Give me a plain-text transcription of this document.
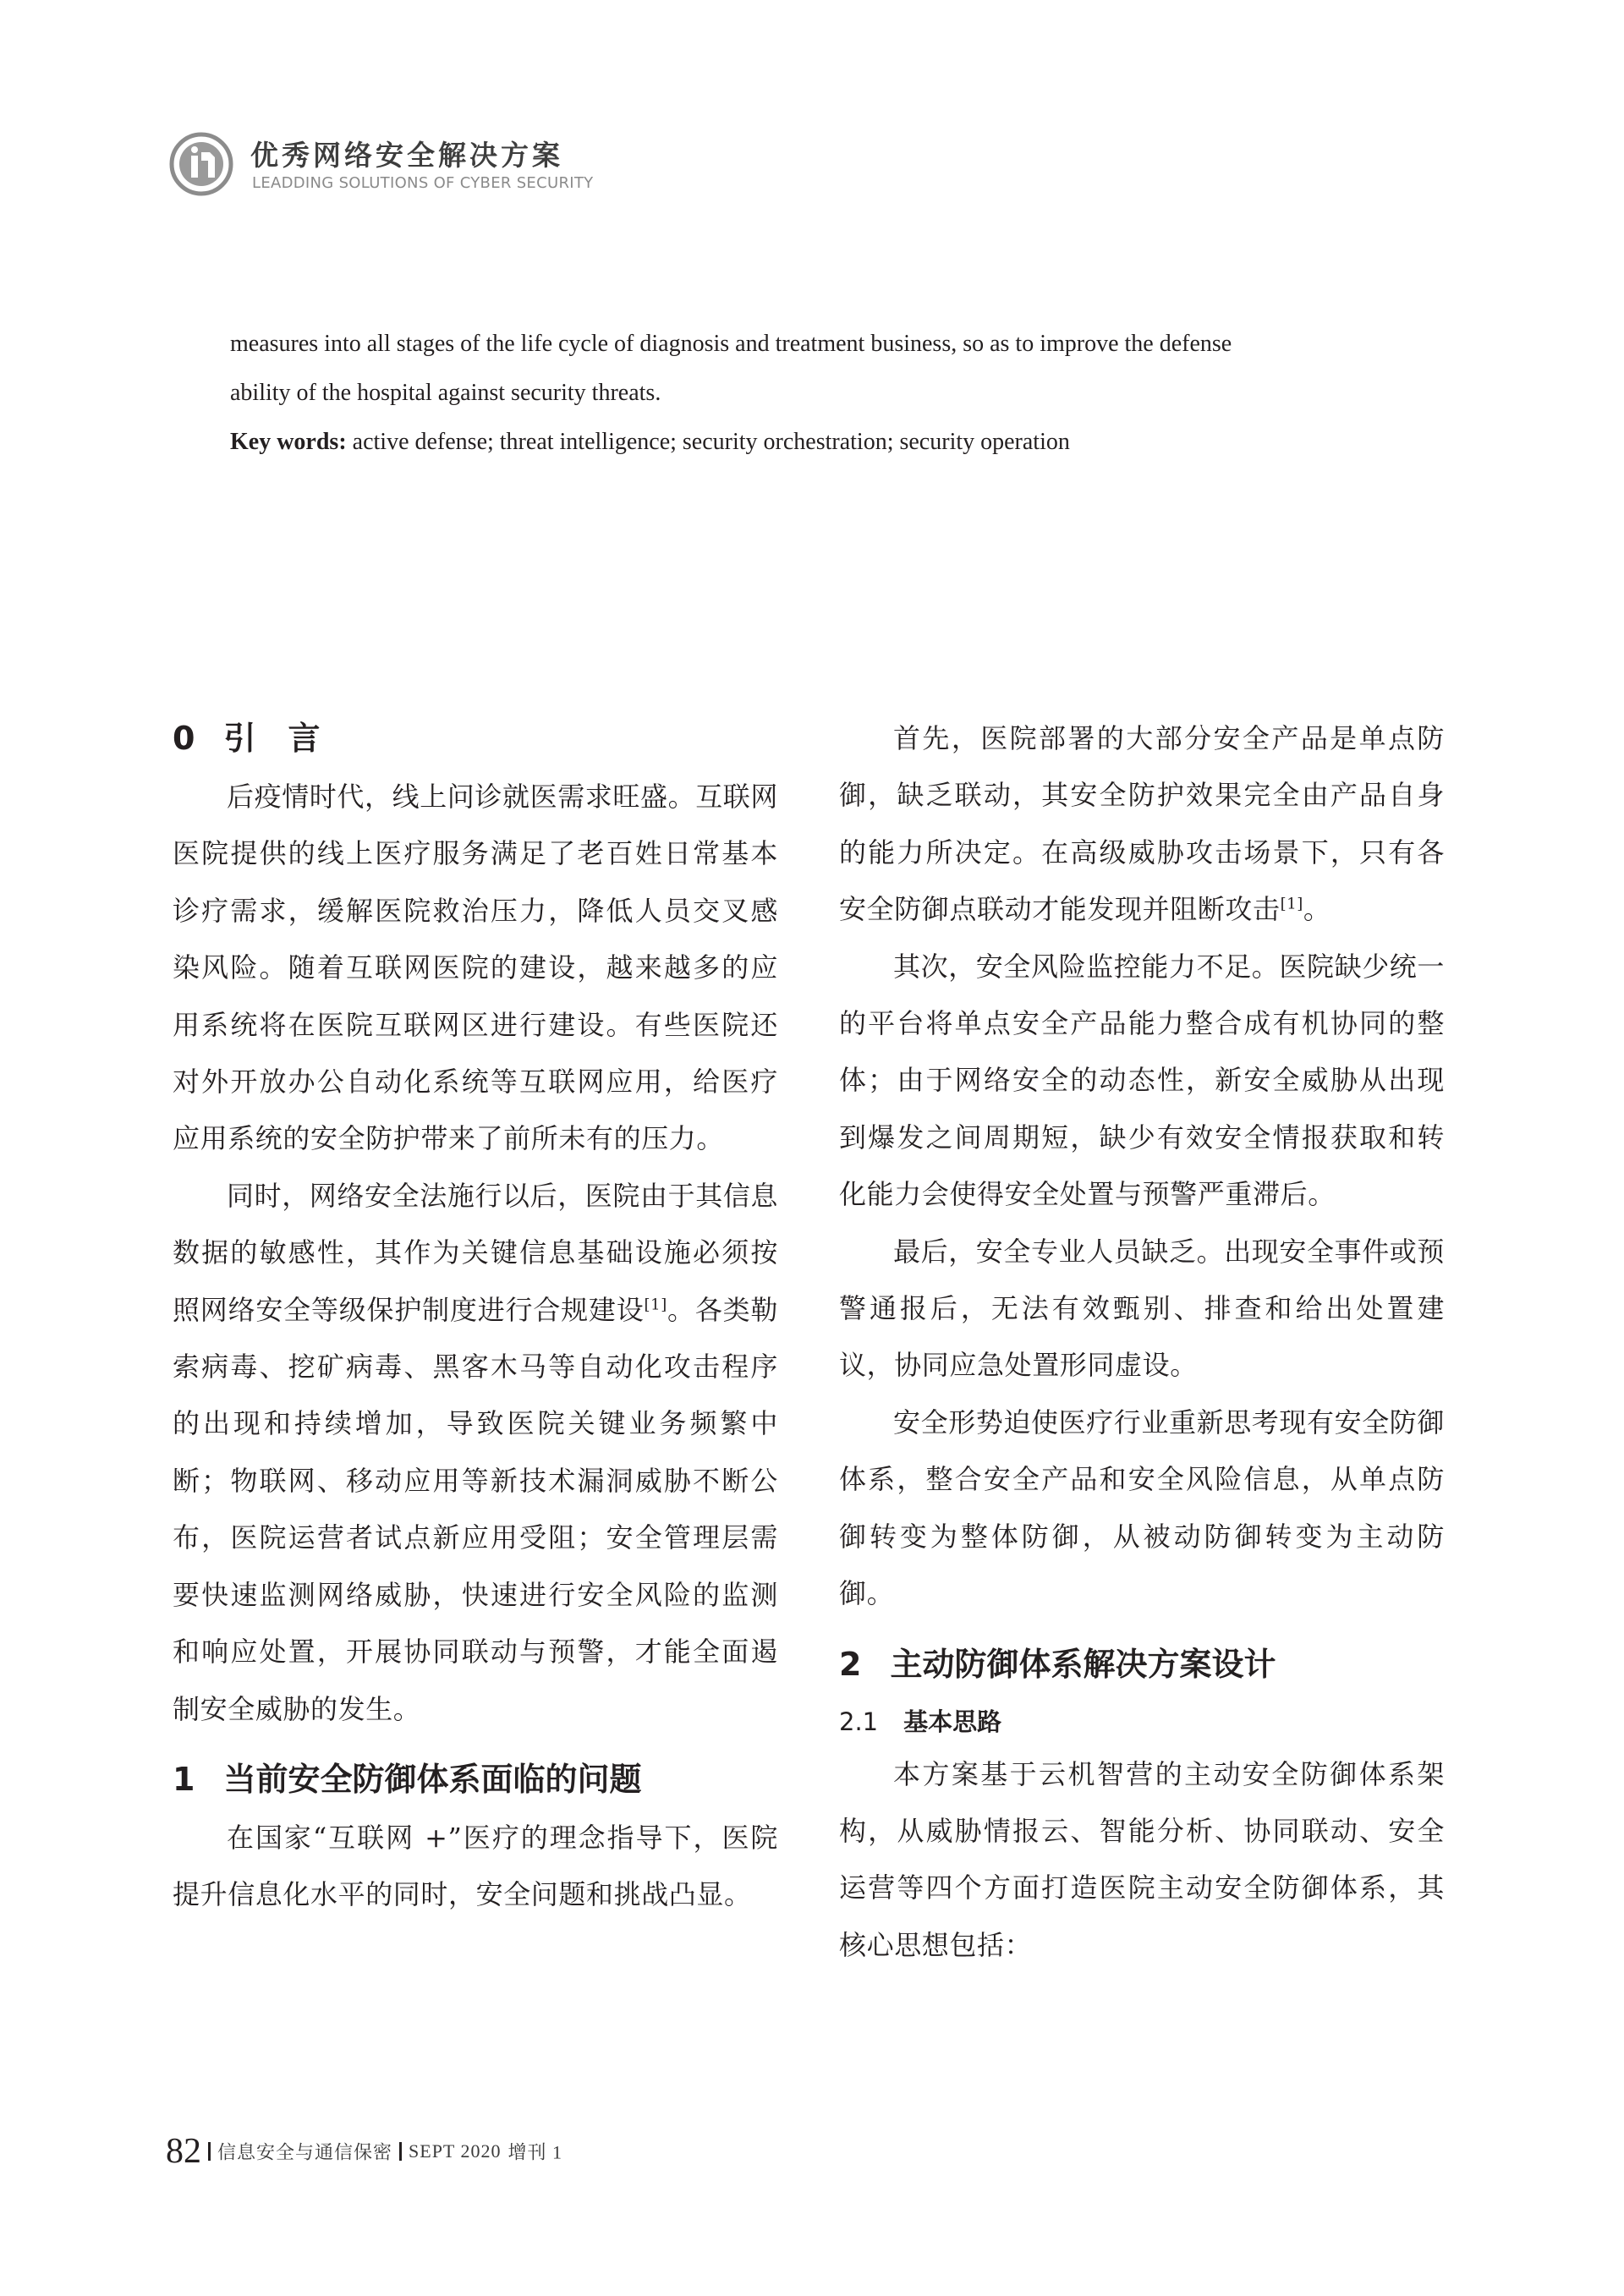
优秀网络安全解决方案
LEADDING SOLUTIONS OF CYBER SECURITY

measures into all stages of the life cycle of diagnosis and treatment business, so as to improve the defense

ability of the hospital against security threats.

Key words: active defense; threat intelligence; security orchestration; security operation

0 引　言

后疫情时代，线上问诊就医需求旺盛。互联网医院提供的线上医疗服务满足了老百姓日常基本诊疗需求，缓解医院救治压力，降低人员交叉感染风险。随着互联网医院的建设，越来越多的应用系统将在医院互联网区进行建设。有些医院还对外开放办公自动化系统等互联网应用，给医疗应用系统的安全防护带来了前所未有的压力。

同时，网络安全法施行以后，医院由于其信息数据的敏感性，其作为关键信息基础设施必须按照网络安全等级保护制度进行合规建设[1]。各类勒索病毒、挖矿病毒、黑客木马等自动化攻击程序的出现和持续增加，导致医院关键业务频繁中断；物联网、移动应用等新技术漏洞威胁不断公布，医院运营者试点新应用受阻；安全管理层需要快速监测网络威胁，快速进行安全风险的监测和响应处置，开展协同联动与预警，才能全面遏制安全威胁的发生。

1 当前安全防御体系面临的问题

在国家“互联网 +”医疗的理念指导下，医院提升信息化水平的同时，安全问题和挑战凸显。

首先，医院部署的大部分安全产品是单点防御，缺乏联动，其安全防护效果完全由产品自身的能力所决定。在高级威胁攻击场景下，只有各安全防御点联动才能发现并阻断攻击[1]。

其次，安全风险监控能力不足。医院缺少统一的平台将单点安全产品能力整合成有机协同的整体；由于网络安全的动态性，新安全威胁从出现到爆发之间周期短，缺少有效安全情报获取和转化能力会使得安全处置与预警严重滞后。

最后，安全专业人员缺乏。出现安全事件或预警通报后，无法有效甄别、排查和给出处置建议，协同应急处置形同虚设。

安全形势迫使医疗行业重新思考现有安全防御体系，整合安全产品和安全风险信息，从单点防御转变为整体防御，从被动防御转变为主动防御。

2 主动防御体系解决方案设计
2.1 基本思路

本方案基于云机智营的主动安全防御体系架构，从威胁情报云、智能分析、协同联动、安全运营等四个方面打造医院主动安全防御体系，其核心思想包括：

82 信息安全与通信保密 SEPT 2020 增刊 1
